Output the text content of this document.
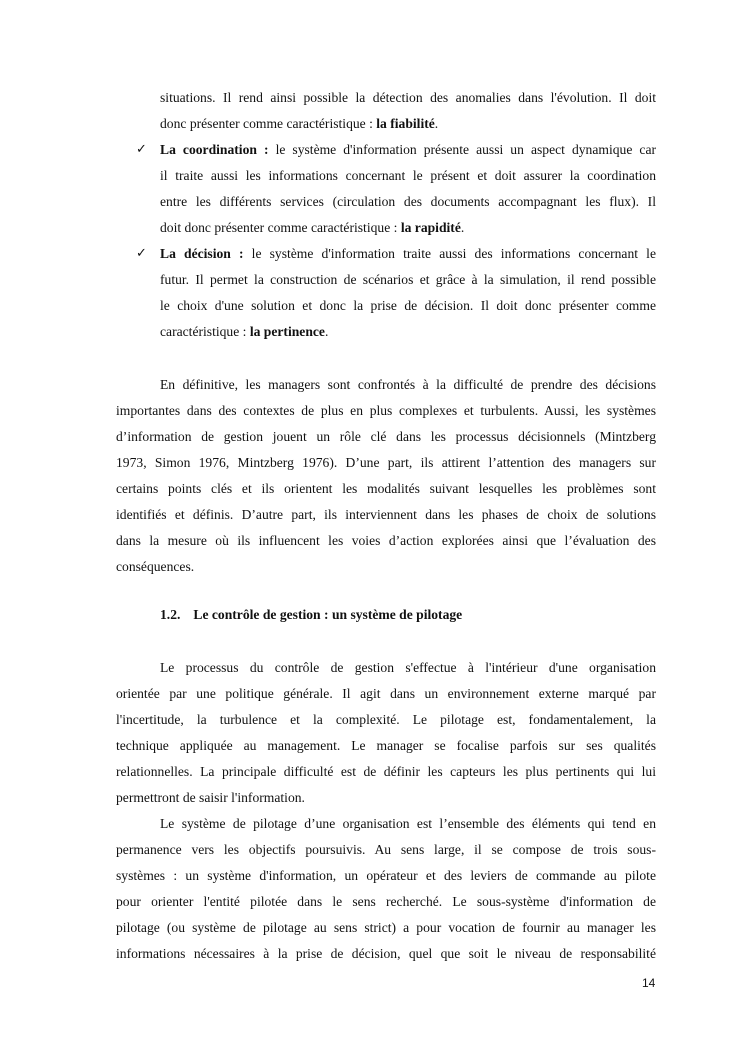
situations. Il rend ainsi possible la détection des anomalies dans l'évolution. Il doit
donc présenter comme caractéristique : la fiabilité.
✓ La coordination : le système d'information présente aussi un aspect dynamique car
il traite aussi les informations concernant le présent et doit assurer la coordination
entre les différents services (circulation des documents accompagnant les flux). Il
doit donc présenter comme caractéristique : la rapidité.
✓ La décision : le système d'information traite aussi des informations concernant le
futur. Il permet la construction de scénarios et grâce à la simulation, il rend possible
le choix d'une solution et donc la prise de décision. Il doit donc présenter comme
caractéristique : la pertinence.
En définitive, les managers sont confrontés à la difficulté de prendre des décisions
importantes dans des contextes de plus en plus complexes et turbulents. Aussi, les systèmes
d’information de gestion jouent un rôle clé dans les processus décisionnels (Mintzberg
1973, Simon 1976, Mintzberg 1976). D’une part, ils attirent l’attention des managers sur
certains points clés et ils orientent les modalités suivant lesquelles les problèmes sont
identifiés et définis. D’autre part, ils interviennent dans les phases de choix de solutions
dans la mesure où ils influencent les voies d’action explorées ainsi que l’évaluation des
conséquences.
1.2. Le contrôle de gestion : un système de pilotage
Le processus du contrôle de gestion s'effectue à l'intérieur d'une organisation
orientée par une politique générale. Il agit dans un environnement externe marqué par
l'incertitude, la turbulence et la complexité. Le pilotage est, fondamentalement, la
technique appliquée au management. Le manager se focalise parfois sur ses qualités
relationnelles. La principale difficulté est de définir les capteurs les plus pertinents qui lui
permettront de saisir l'information.
Le système de pilotage d’une organisation est l’ensemble des éléments qui tend en
permanence vers les objectifs poursuivis. Au sens large, il se compose de trois sous-
systèmes : un système d'information, un opérateur et des leviers de commande au pilote
pour orienter l'entité pilotée dans le sens recherché. Le sous-système d'information de
pilotage (ou système de pilotage au sens strict) a pour vocation de fournir au manager les
informations nécessaires à la prise de décision, quel que soit le niveau de responsabilité
14
